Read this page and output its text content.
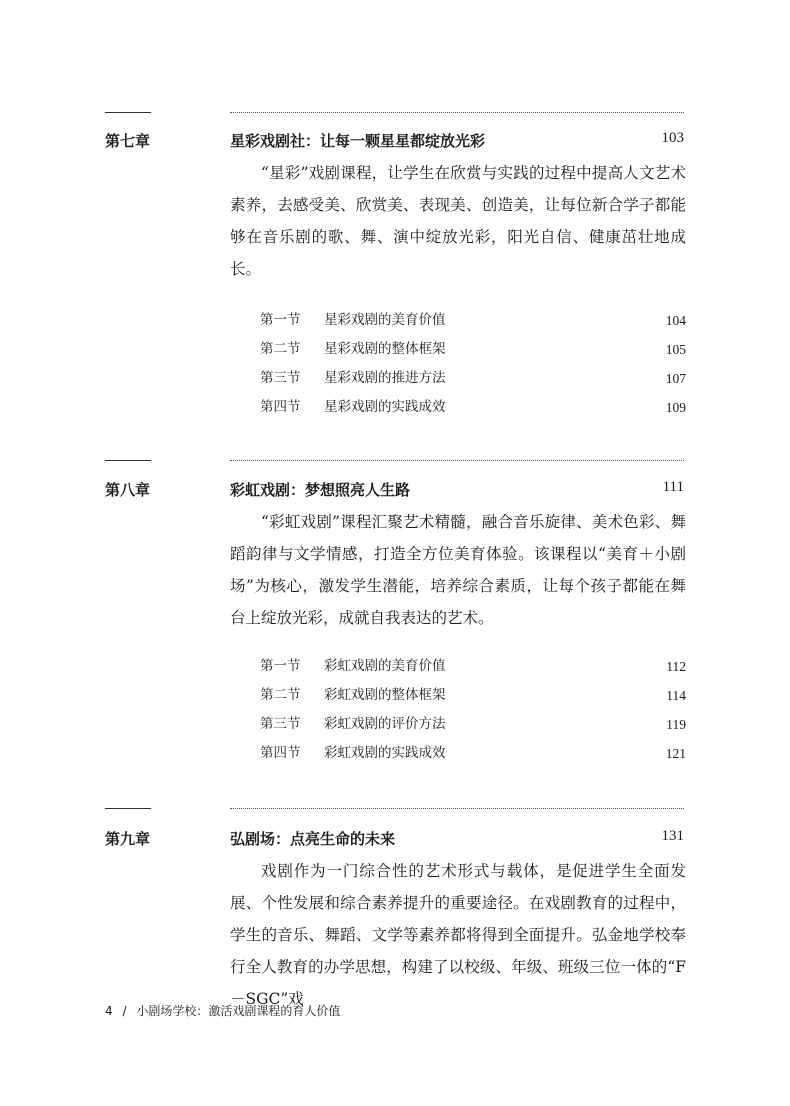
第七章	星彩戏剧社：让每一颗星星都绽放光彩	103

“星彩”戏剧课程，让学生在欣赏与实践的过程中提高人文艺术素养，去感受美、欣赏美、表现美、创造美，让每位新合学子都能够在音乐剧的歌、舞、演中绽放光彩，阳光自信、健康茁壮地成长。

第一节 星彩戏剧的美育价值	104
第二节 星彩戏剧的整体框架	105
第三节 星彩戏剧的推进方法	107
第四节 星彩戏剧的实践成效	109
第八章	彩虹戏剧：梦想照亮人生路	111

“彩虹戏剧”课程汇聚艺术精髓，融合音乐旋律、美术色彩、舞蹈韵律与文学情感，打造全方位美育体验。该课程以“美育＋小剧场”为核心，激发学生潜能，培养综合素质，让每个孩子都能在舞台上绽放光彩，成就自我表达的艺术。

第一节 彩虹戏剧的美育价值	112
第二节 彩虹戏剧的整体框架	114
第三节 彩虹戏剧的评价方法	119
第四节 彩虹戏剧的实践成效	121
第九章	弘剧场：点亮生命的未来	131

戏剧作为一门综合性的艺术形式与载体，是促进学生全面发展、个性发展和综合素养提升的重要途径。在戏剧教育的过程中，学生的音乐、舞蹈、文学等素养都将得到全面提升。弘金地学校奉行全人教育的办学思想，构建了以校级、年级、班级三位一体的“F－SGC”戏

4 / 小剧场学校：激活戏剧课程的育人价值
